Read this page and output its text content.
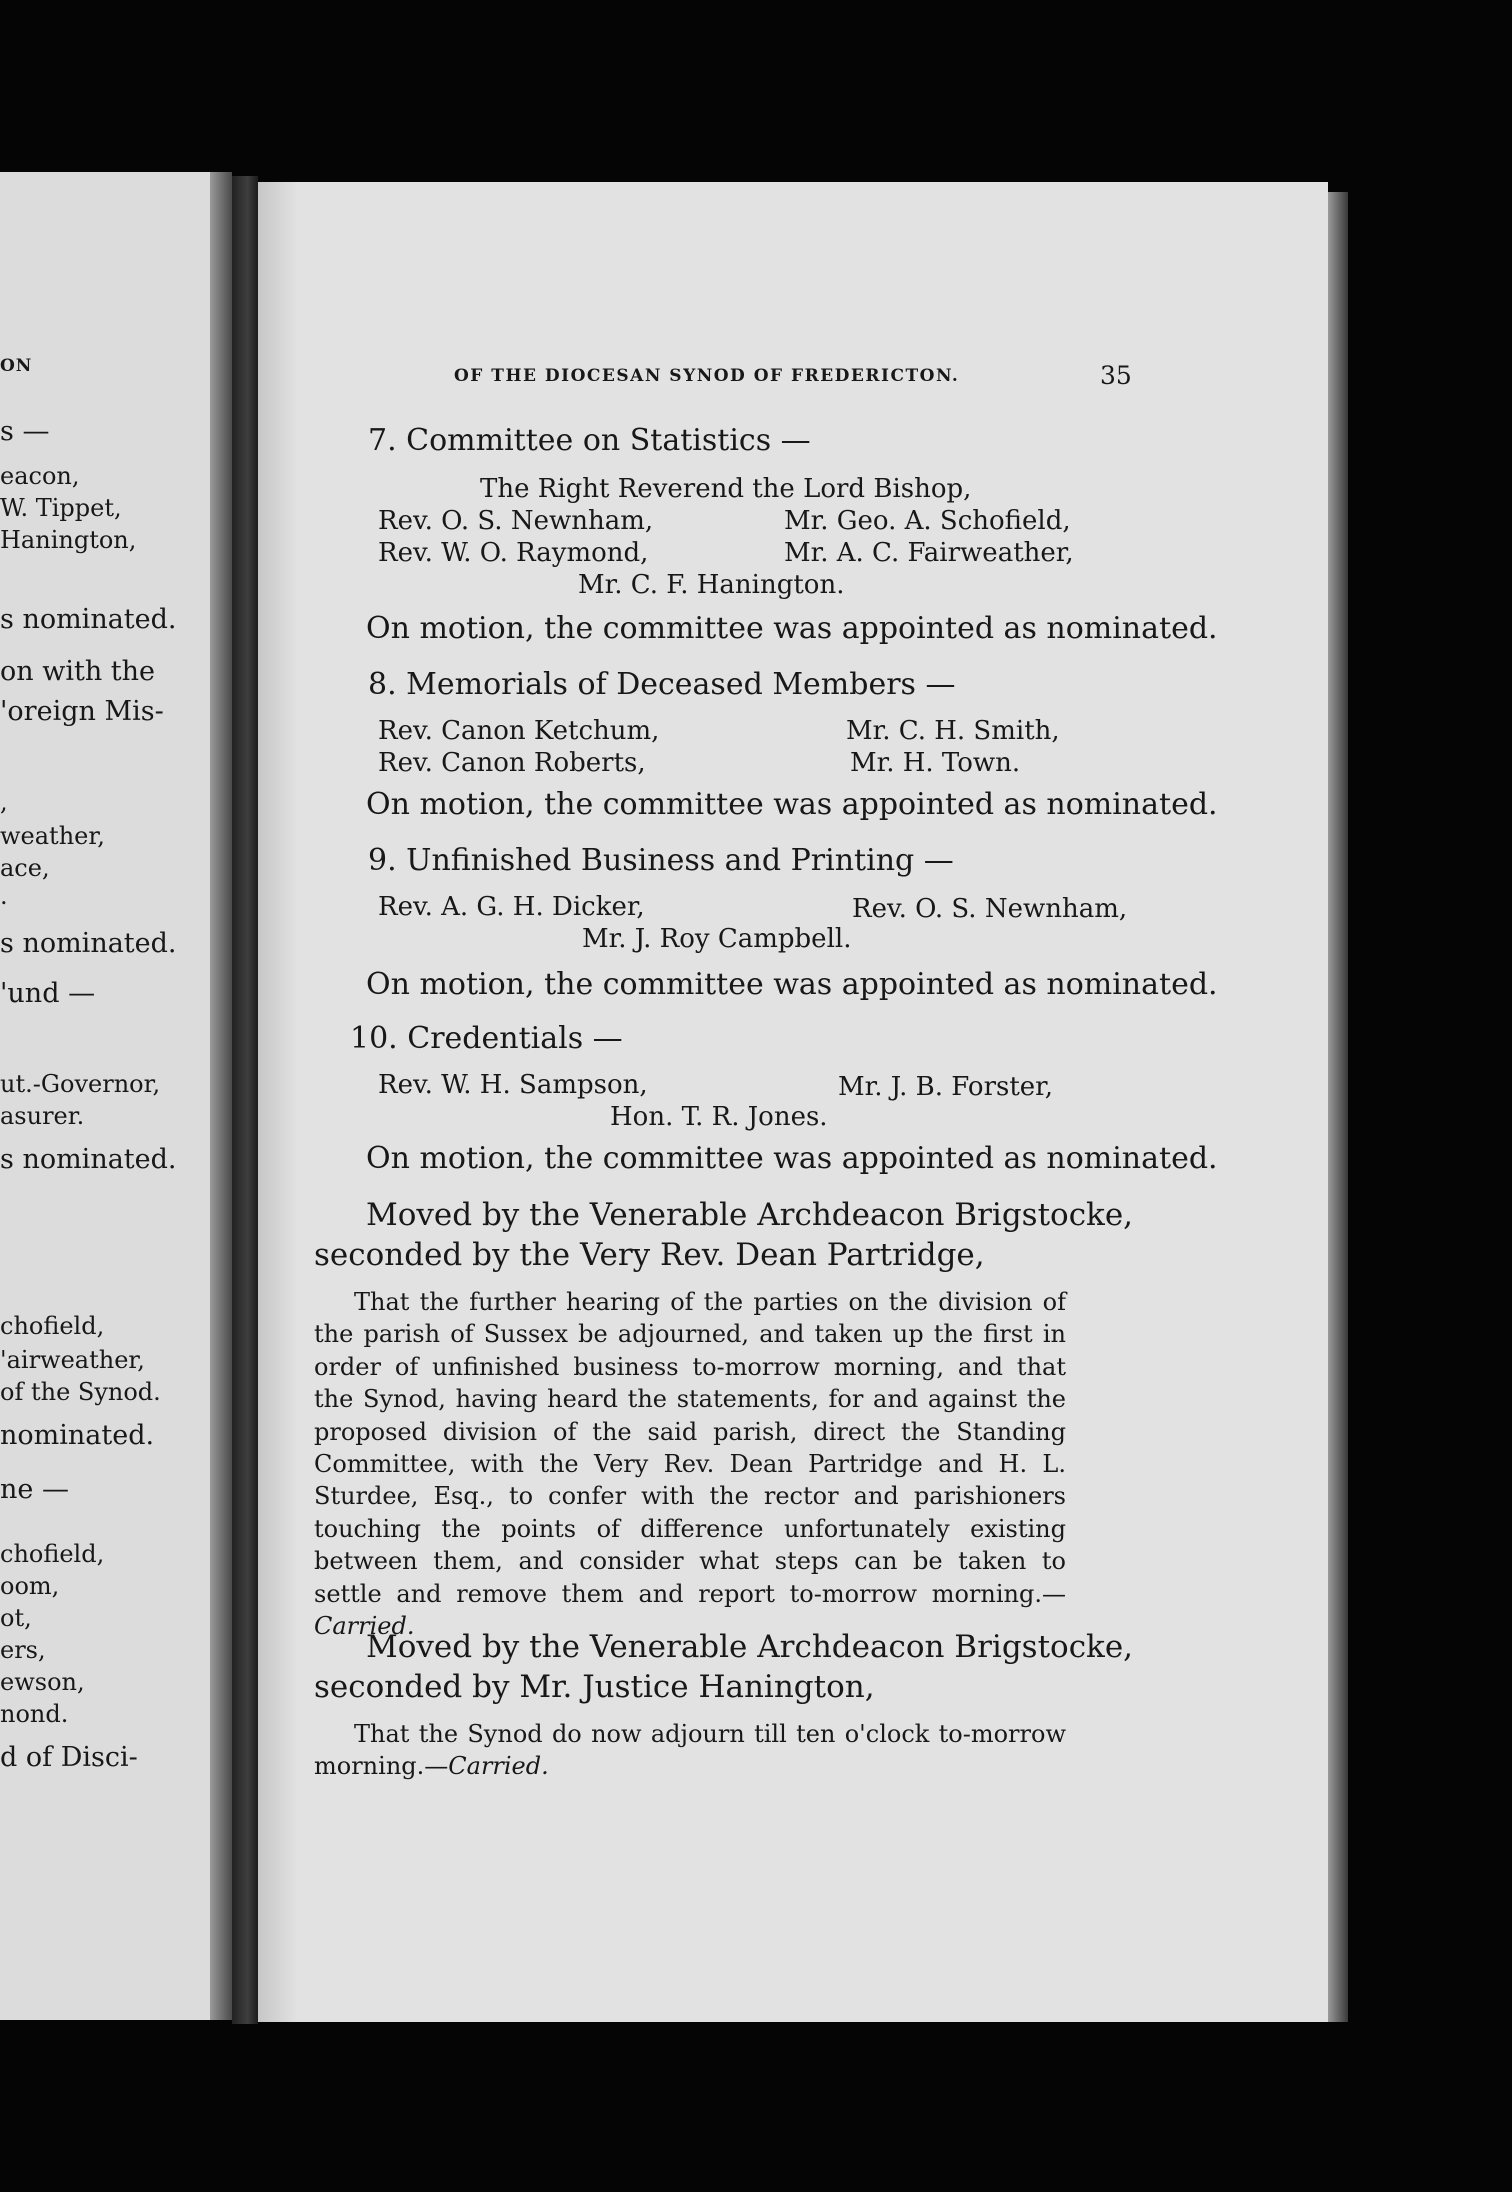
ON
s —
eacon,
W. Tippet,
Hanington,
s nominated.
on with the
'oreign Mis-
,
weather,
ace,
.
s nominated.
'und —
ut.-Governor,
asurer.
s nominated.
chofield,
'airweather,
of the Synod.
nominated.
ne —
chofield,
oom,
ot,
ers,
ewson,
nond.
d of Disci-
OF THE DIOCESAN SYNOD OF FREDERICTON.	35
7. Committee on Statistics —
The Right Reverend the Lord Bishop,
Rev. O. S. Newnham,	Mr. Geo. A. Schofield,
Rev. W. O. Raymond,	Mr. A. C. Fairweather,
Mr. C. F. Hanington.
On motion, the committee was appointed as nominated.
8. Memorials of Deceased Members —
Rev. Canon Ketchum,	Mr. C. H. Smith,
Rev. Canon Roberts,	Mr. H. Town.
On motion, the committee was appointed as nominated.
9. Unfinished Business and Printing —
Rev. A. G. H. Dicker,	Rev. O. S. Newnham,
Mr. J. Roy Campbell.
On motion, the committee was appointed as nominated.
10. Credentials —
Rev. W. H. Sampson,	Mr. J. B. Forster,
Hon. T. R. Jones.
On motion, the committee was appointed as nominated.
Moved by the Venerable Archdeacon Brigstocke,
seconded by the Very Rev. Dean Partridge,
That the further hearing of the parties on the division of the parish of Sussex be adjourned, and taken up the first in order of unfinished business to-morrow morning, and that the Synod, having heard the statements, for and against the proposed division of the said parish, direct the Standing Committee, with the Very Rev. Dean Partridge and H. L. Sturdee, Esq., to confer with the rector and parishioners touching the points of difference unfortunately existing between them, and consider what steps can be taken to settle and remove them and report to-morrow morning.—Carried.
Moved by the Venerable Archdeacon Brigstocke,
seconded by Mr. Justice Hanington,
That the Synod do now adjourn till ten o'clock to-morrow morning.—Carried.
